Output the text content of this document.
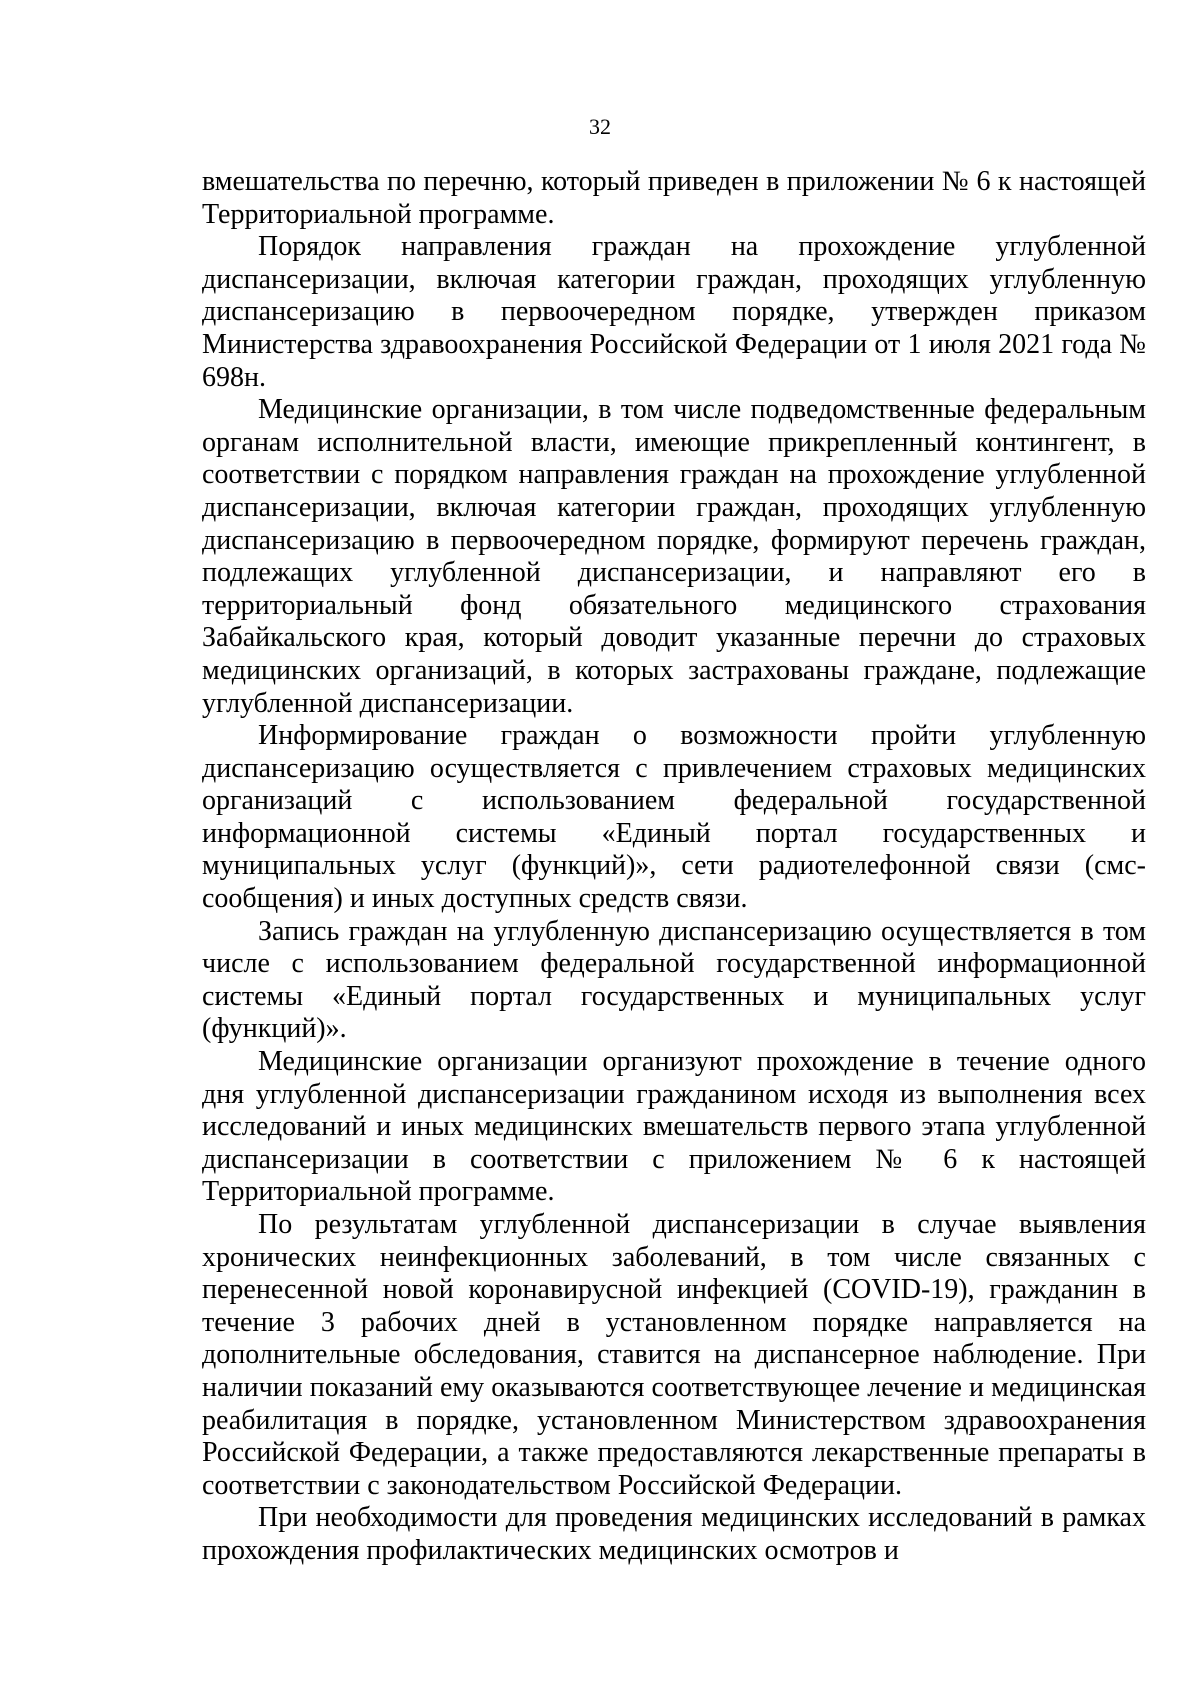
32

вмешательства по перечню, который приведен в приложении № 6 к настоящей Территориальной программе.

Порядок направления граждан на прохождение углубленной диспансеризации, включая категории граждан, проходящих углубленную диспансеризацию в первоочередном порядке, утвержден приказом Министерства здравоохранения Российской Федерации от 1 июля 2021 года № 698н.

Медицинские организации, в том числе подведомственные федеральным органам исполнительной власти, имеющие прикрепленный контингент, в соответствии с порядком направления граждан на прохождение углубленной диспансеризации, включая категории граждан, проходящих углубленную диспансеризацию в первоочередном порядке, формируют перечень граждан, подлежащих углубленной диспансеризации, и направляют его в территориальный фонд обязательного медицинского страхования Забайкальского края, который доводит указанные перечни до страховых медицинских организаций, в которых застрахованы граждане, подлежащие углубленной диспансеризации.

Информирование граждан о возможности пройти углубленную диспансеризацию осуществляется с привлечением страховых медицинских организаций с использованием федеральной государственной информационной системы «Единый портал государственных и муниципальных услуг (функций)», сети радиотелефонной связи (смс-сообщения) и иных доступных средств связи.

Запись граждан на углубленную диспансеризацию осуществляется в том числе с использованием федеральной государственной информационной системы «Единый портал государственных и муниципальных услуг (функций)».

Медицинские организации организуют прохождение в течение одного дня углубленной диспансеризации гражданином исходя из выполнения всех исследований и иных медицинских вмешательств первого этапа углубленной диспансеризации в соответствии с приложением № 6 к настоящей Территориальной программе.

По результатам углубленной диспансеризации в случае выявления хронических неинфекционных заболеваний, в том числе связанных с перенесенной новой коронавирусной инфекцией (COVID-19), гражданин в течение 3 рабочих дней в установленном порядке направляется на дополнительные обследования, ставится на диспансерное наблюдение. При наличии показаний ему оказываются соответствующее лечение и медицинская реабилитация в порядке, установленном Министерством здравоохранения Российской Федерации, а также предоставляются лекарственные препараты в соответствии с законодательством Российской Федерации.

При необходимости для проведения медицинских исследований в рамках прохождения профилактических медицинских осмотров и
